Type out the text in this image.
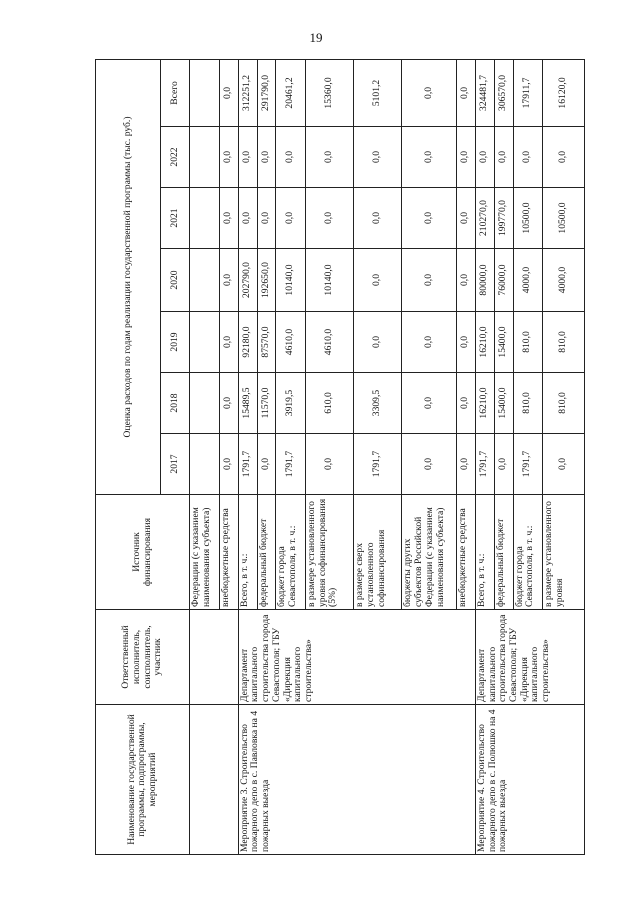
19
Наименование государственной программы, подпрограммы, мероприятий	Ответственный исполнитель, соисполнитель, участник	Источник финансирования	Оценка расходов по годам реализации государственной программы (тыс. руб.)						
			2017	2018	2019	2020	2021	2022	Всего
		Федерации (с указанием наименования субъекта)							
		внебюджетные средства	0,0	0,0	0,0	0,0	0,0	0,0	0,0
Мероприятие 3. Строительство пожарного депо в с. Павловка на 4 пожарных выезда	Департамент капитального строительства города Севастополя; ГБУ «Дирекция капитального строительства»	Всего, в т. ч.:	1791,7	15489,5	92180,0	202790,0	0,0	0,0	312251,2
		федеральный бюджет	0,0	11570,0	87570,0	192650,0	0,0	0,0	291790,0
		бюджет города Севастополя, в т. ч.:	1791,7	3919,5	4610,0	10140,0	0,0	0,0	20461,2
		в размере установленного уровня софинансирования (5%)	0,0	610,0	4610,0	10140,0	0,0	0,0	15360,0
		в размере сверх установленного софинансирования	1791,7	3309,5	0,0	0,0	0,0	0,0	5101,2
		бюджеты других субъектов Российской Федерации (с указанием наименования субъекта)	0,0	0,0	0,0	0,0	0,0	0,0	0,0
		внебюджетные средства	0,0	0,0	0,0	0,0	0,0	0,0	0,0
Мероприятие 4. Строительство пожарного депо в с. Полюшко на 4 пожарных выезда	Департамент капитального строительства города Севастополя; ГБУ «Дирекция капитального строительства»	Всего, в т. ч.:	1791,7	16210,0	16210,0	80000,0	210270,0	0,0	324481,7
		федеральный бюджет	0,0	15400,0	15400,0	76000,0	199770,0	0,0	306570,0
		бюджет города Севастополя, в т. ч.:	1791,7	810,0	810,0	4000,0	10500,0	0,0	17911,7
		в размере установленного уровня	0,0	810,0	810,0	4000,0	10500,0	0,0	16120,0
